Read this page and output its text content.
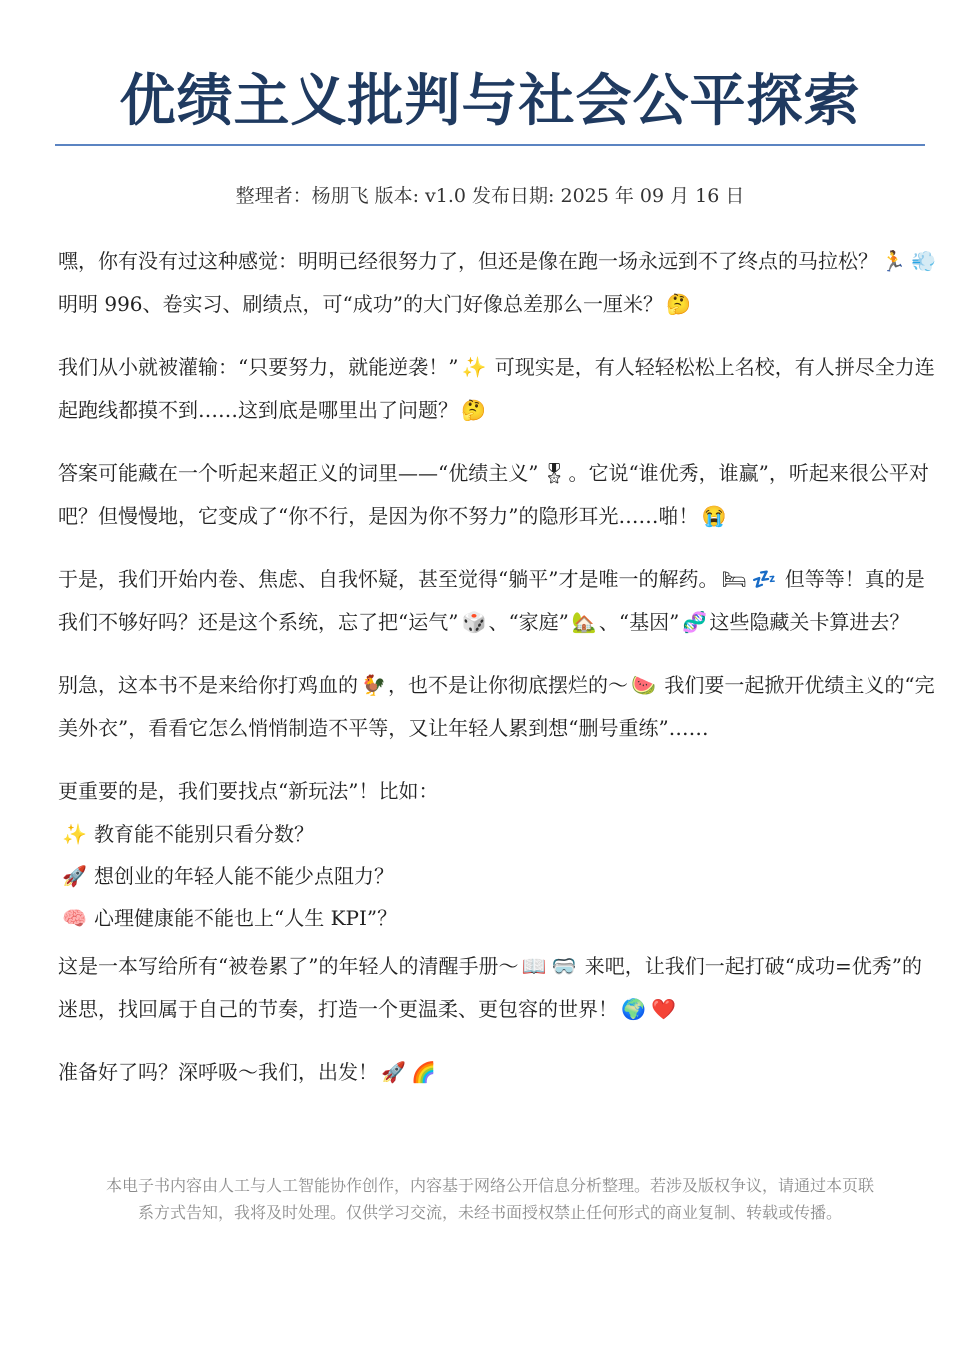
优绩主义批判与社会公平探索
整理者：杨朋飞 版本: v1.0 发布日期: 2025 年 09 月 16 日

嘿，你有没有过这种感觉：明明已经很努力了，但还是像在跑一场永远到不了终点的马拉松？ 🏃 💨 明明 996、卷实习、刷绩点，可“成功”的大门好像总差那么一厘米？ 🤔

我们从小就被灌输：“只要努力，就能逆袭！” ✨ 可现实是，有人轻轻松松上名校，有人拼尽全力连起跑线都摸不到……这到底是哪里出了问题？ 🤔

答案可能藏在一个听起来超正义的词里——“优绩主义” 🎖。它说“谁优秀，谁赢”，听起来很公平对吧？但慢慢地，它变成了“你不行，是因为你不努力”的隐形耳光……啪！ 😭

于是，我们开始内卷、焦虑、自我怀疑，甚至觉得“躺平”才是唯一的解药。 🛏 💤 但等等！真的是我们不够好吗？还是这个系统，忘了把“运气” 🎲 、“家庭” 🏡 、“基因” 🧬 这些隐藏关卡算进去？

别急，这本书不是来给你打鸡血的 🐓 ，也不是让你彻底摆烂的～ 🍉 我们要一起掀开优绩主义的“完美外衣”，看看它怎么悄悄制造不平等，又让年轻人累到想“删号重练”……

更重要的是，我们要找点“新玩法”！比如：

✨ 教育能不能别只看分数？
🚀 想创业的年轻人能不能少点阻力？
🧠 心理健康能不能也上“人生 KPI”？

这是一本写给所有“被卷累了”的年轻人的清醒手册～ 📖 🥽 来吧，让我们一起打破“成功=优秀”的迷思，找回属于自己的节奏，打造一个更温柔、更包容的世界！ 🌍 ❤️

准备好了吗？深呼吸～我们，出发！ 🚀 🌈

本电子书内容由人工与人工智能协作创作，内容基于网络公开信息分析整理。若涉及版权争议，请通过本页联
系方式告知，我将及时处理。仅供学习交流，未经书面授权禁止任何形式的商业复制、转载或传播。
